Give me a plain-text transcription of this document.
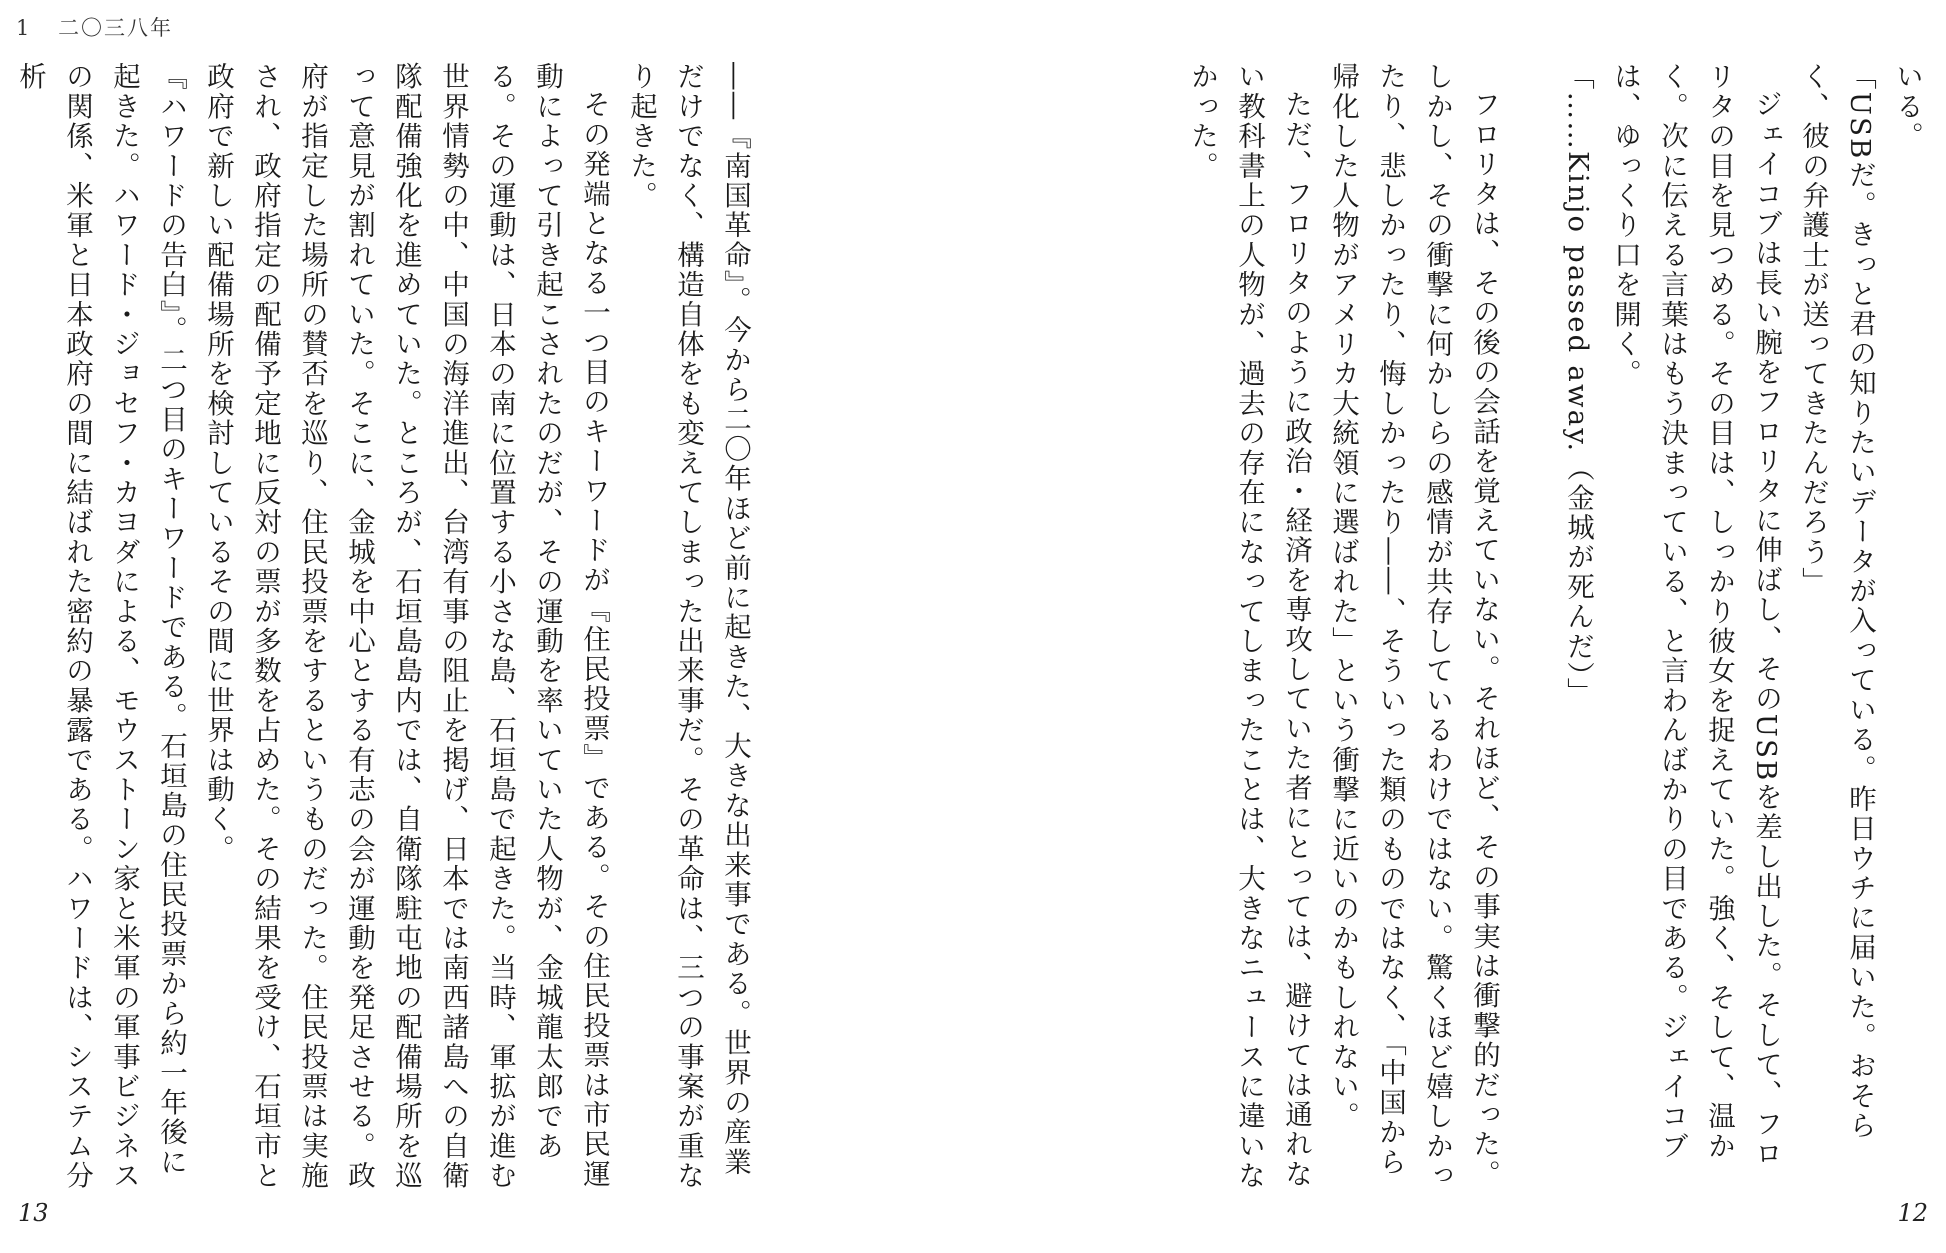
1 二〇三八年

――『南国革命』。今から二〇年ほど前に起きた、大きな出来事である。世界の産業だけでなく、構造自体をも変えてしまった出来事だ。その革命は、三つの事案が重なり起きた。

その発端となる一つ目のキーワードが『住民投票』である。その住民投票は市民運動によって引き起こされたのだが、その運動を率いていた人物が、金城龍太郎である。その運動は、日本の南に位置する小さな島、石垣島で起きた。当時、軍拡が進む世界情勢の中、中国の海洋進出、台湾有事の阻止を掲げ、日本では南西諸島への自衛隊配備強化を進めていた。ところが、石垣島島内では、自衛隊駐屯地の配備場所を巡って意見が割れていた。そこに、金城を中心とする有志の会が運動を発足させる。政府が指定した場所の賛否を巡り、住民投票をするというものだった。住民投票は実施され、政府指定の配備予定地に反対の票が多数を占めた。その結果を受け、石垣市と政府で新しい配備場所を検討しているその間に世界は動く。

『ハワードの告白』。二つ目のキーワードである。石垣島の住民投票から約一年後に起きた。ハワード・ジョセフ・カヨダによる、モウストーン家と米軍の軍事ビジネスの関係、米軍と日本政府の間に結ばれた密約の暴露である。ハワードは、システム分析

13

いる。

「USBだ。きっと君の知りたいデータが入っている。昨日ウチに届いた。おそらく、彼の弁護士が送ってきたんだろう」

ジェイコブは長い腕をフロリタに伸ばし、そのUSBを差し出した。そして、フロリタの目を見つめる。その目は、しっかり彼女を捉えていた。強く、そして、温かく。次に伝える言葉はもう決まっている、と言わんばかりの目である。ジェイコブは、ゆっくり口を開く。

「……Kinjo passed away.（金城が死んだ）」

フロリタは、その後の会話を覚えていない。それほど、その事実は衝撃的だった。しかし、その衝撃に何かしらの感情が共存しているわけではない。驚くほど嬉しかったり、悲しかったり、悔しかったり――、そういった類のものではなく、「中国から帰化した人物がアメリカ大統領に選ばれた」という衝撃に近いのかもしれない。

ただ、フロリタのように政治・経済を専攻していた者にとっては、避けては通れない教科書上の人物が、過去の存在になってしまったことは、大きなニュースに違いなかった。

12
